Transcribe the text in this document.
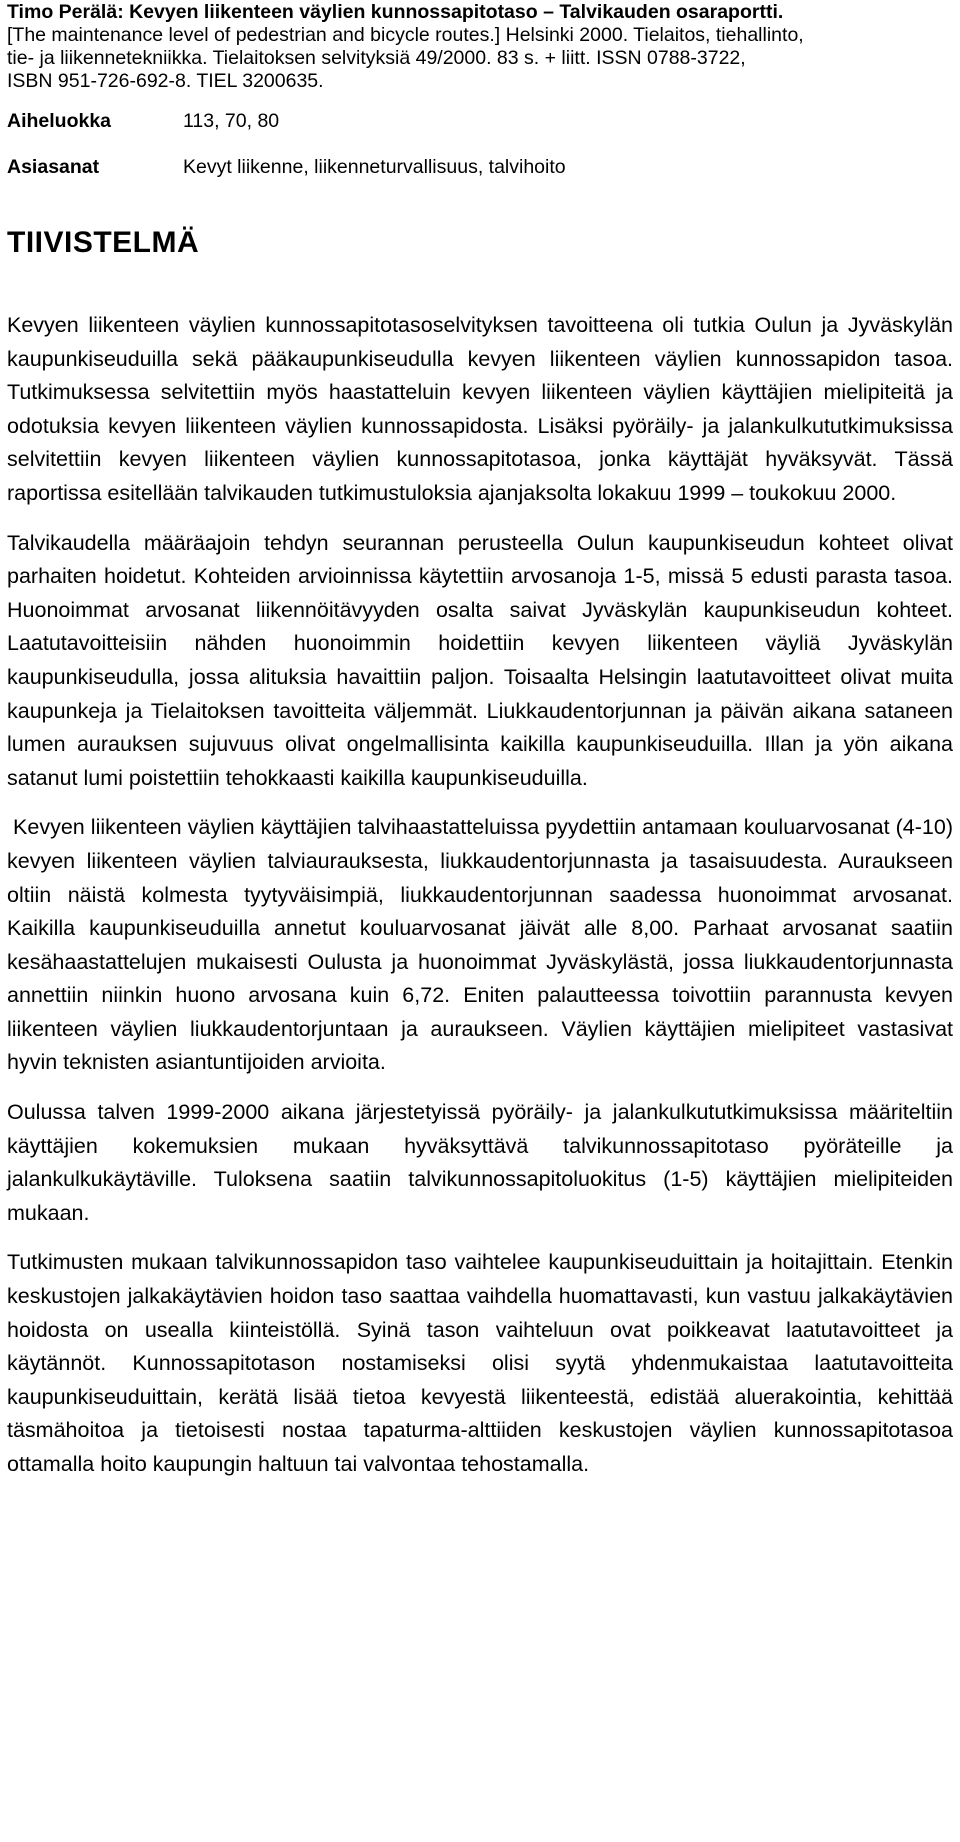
Timo Perälä: Kevyen liikenteen väylien kunnossapitotaso – Talvikauden osaraportti.
[The maintenance level of pedestrian and bicycle routes.] Helsinki 2000. Tielaitos, tiehallinto,
tie- ja liikennetekniikka. Tielaitoksen selvityksiä 49/2000. 83 s. + liitt. ISSN 0788-3722,
ISBN 951-726-692-8. TIEL 3200635.

Aiheluokka	113, 70, 80
Asiasanat	Kevyt liikenne, liikenneturvallisuus, talvihoito
TIIVISTELMÄ

Kevyen liikenteen väylien kunnossapitotasoselvityksen tavoitteena oli tutkia Oulun ja Jyväskylän kaupunkiseuduilla sekä pääkaupunkiseudulla kevyen liikenteen väylien kunnossapidon tasoa. Tutkimuksessa selvitettiin myös haastatteluin kevyen liikenteen väylien käyttäjien mielipiteitä ja odotuksia kevyen liikenteen väylien kunnossapidosta. Lisäksi pyöräily- ja jalankulkututkimuksissa selvitettiin kevyen liikenteen väylien kunnossapitotasoa, jonka käyttäjät hyväksyvät. Tässä raportissa esitellään talvikauden tutkimustuloksia ajanjaksolta lokakuu 1999 – toukokuu 2000.

Talvikaudella määräajoin tehdyn seurannan perusteella Oulun kaupunkiseudun kohteet olivat parhaiten hoidetut. Kohteiden arvioinnissa käytettiin arvosanoja 1-5, missä 5 edusti parasta tasoa. Huonoimmat arvosanat liikennöitävyyden osalta saivat Jyväskylän kaupunkiseudun kohteet. Laatutavoitteisiin nähden huonoimmin hoidettiin kevyen liikenteen väyliä Jyväskylän kaupunkiseudulla, jossa alituksia havaittiin paljon. Toisaalta Helsingin laatutavoitteet olivat muita kaupunkeja ja Tielaitoksen tavoitteita väljemmät. Liukkaudentorjunnan ja päivän aikana sataneen lumen aurauksen sujuvuus olivat ongelmallisinta kaikilla kaupunkiseuduilla. Illan ja yön aikana satanut lumi poistettiin tehokkaasti kaikilla kaupunkiseuduilla.

Kevyen liikenteen väylien käyttäjien talvihaastatteluissa pyydettiin antamaan kouluarvosanat (4-10) kevyen liikenteen väylien talviaurauksesta, liukkaudentorjunnasta ja tasaisuudesta. Auraukseen oltiin näistä kolmesta tyytyväisimpiä, liukkaudentorjunnan saadessa huonoimmat arvosanat. Kaikilla kaupunkiseuduilla annetut kouluarvosanat jäivät alle 8,00. Parhaat arvosanat saatiin kesähaastattelujen mukaisesti Oulusta ja huonoimmat Jyväskylästä, jossa liukkaudentorjunnasta annettiin niinkin huono arvosana kuin 6,72. Eniten palautteessa toivottiin parannusta kevyen liikenteen väylien liukkaudentorjuntaan ja auraukseen. Väylien käyttäjien mielipiteet vastasivat hyvin teknisten asiantuntijoiden arvioita.

Oulussa talven 1999-2000 aikana järjestetyissä pyöräily- ja jalankulkututkimuksissa määriteltiin käyttäjien kokemuksien mukaan hyväksyttävä talvikunnossapitotaso pyöräteille ja jalankulkukäytäville. Tuloksena saatiin talvikunnossapitoluokitus (1-5) käyttäjien mielipiteiden mukaan.

Tutkimusten mukaan talvikunnossapidon taso vaihtelee kaupunkiseuduittain ja hoitajittain. Etenkin keskustojen jalkakäytävien hoidon taso saattaa vaihdella huomattavasti, kun vastuu jalkakäytävien hoidosta on usealla kiinteistöllä. Syinä tason vaihteluun ovat poikkeavat laatutavoitteet ja käytännöt. Kunnossapitotason nostamiseksi olisi syytä yhdenmukaistaa laatutavoitteita kaupunkiseuduittain, kerätä lisää tietoa kevyestä liikenteestä, edistää aluerakointia, kehittää täsmähoitoa ja tietoisesti nostaa tapaturma-alttiiden keskustojen väylien kunnossapitotasoa ottamalla hoito kaupungin haltuun tai valvontaa tehostamalla.
